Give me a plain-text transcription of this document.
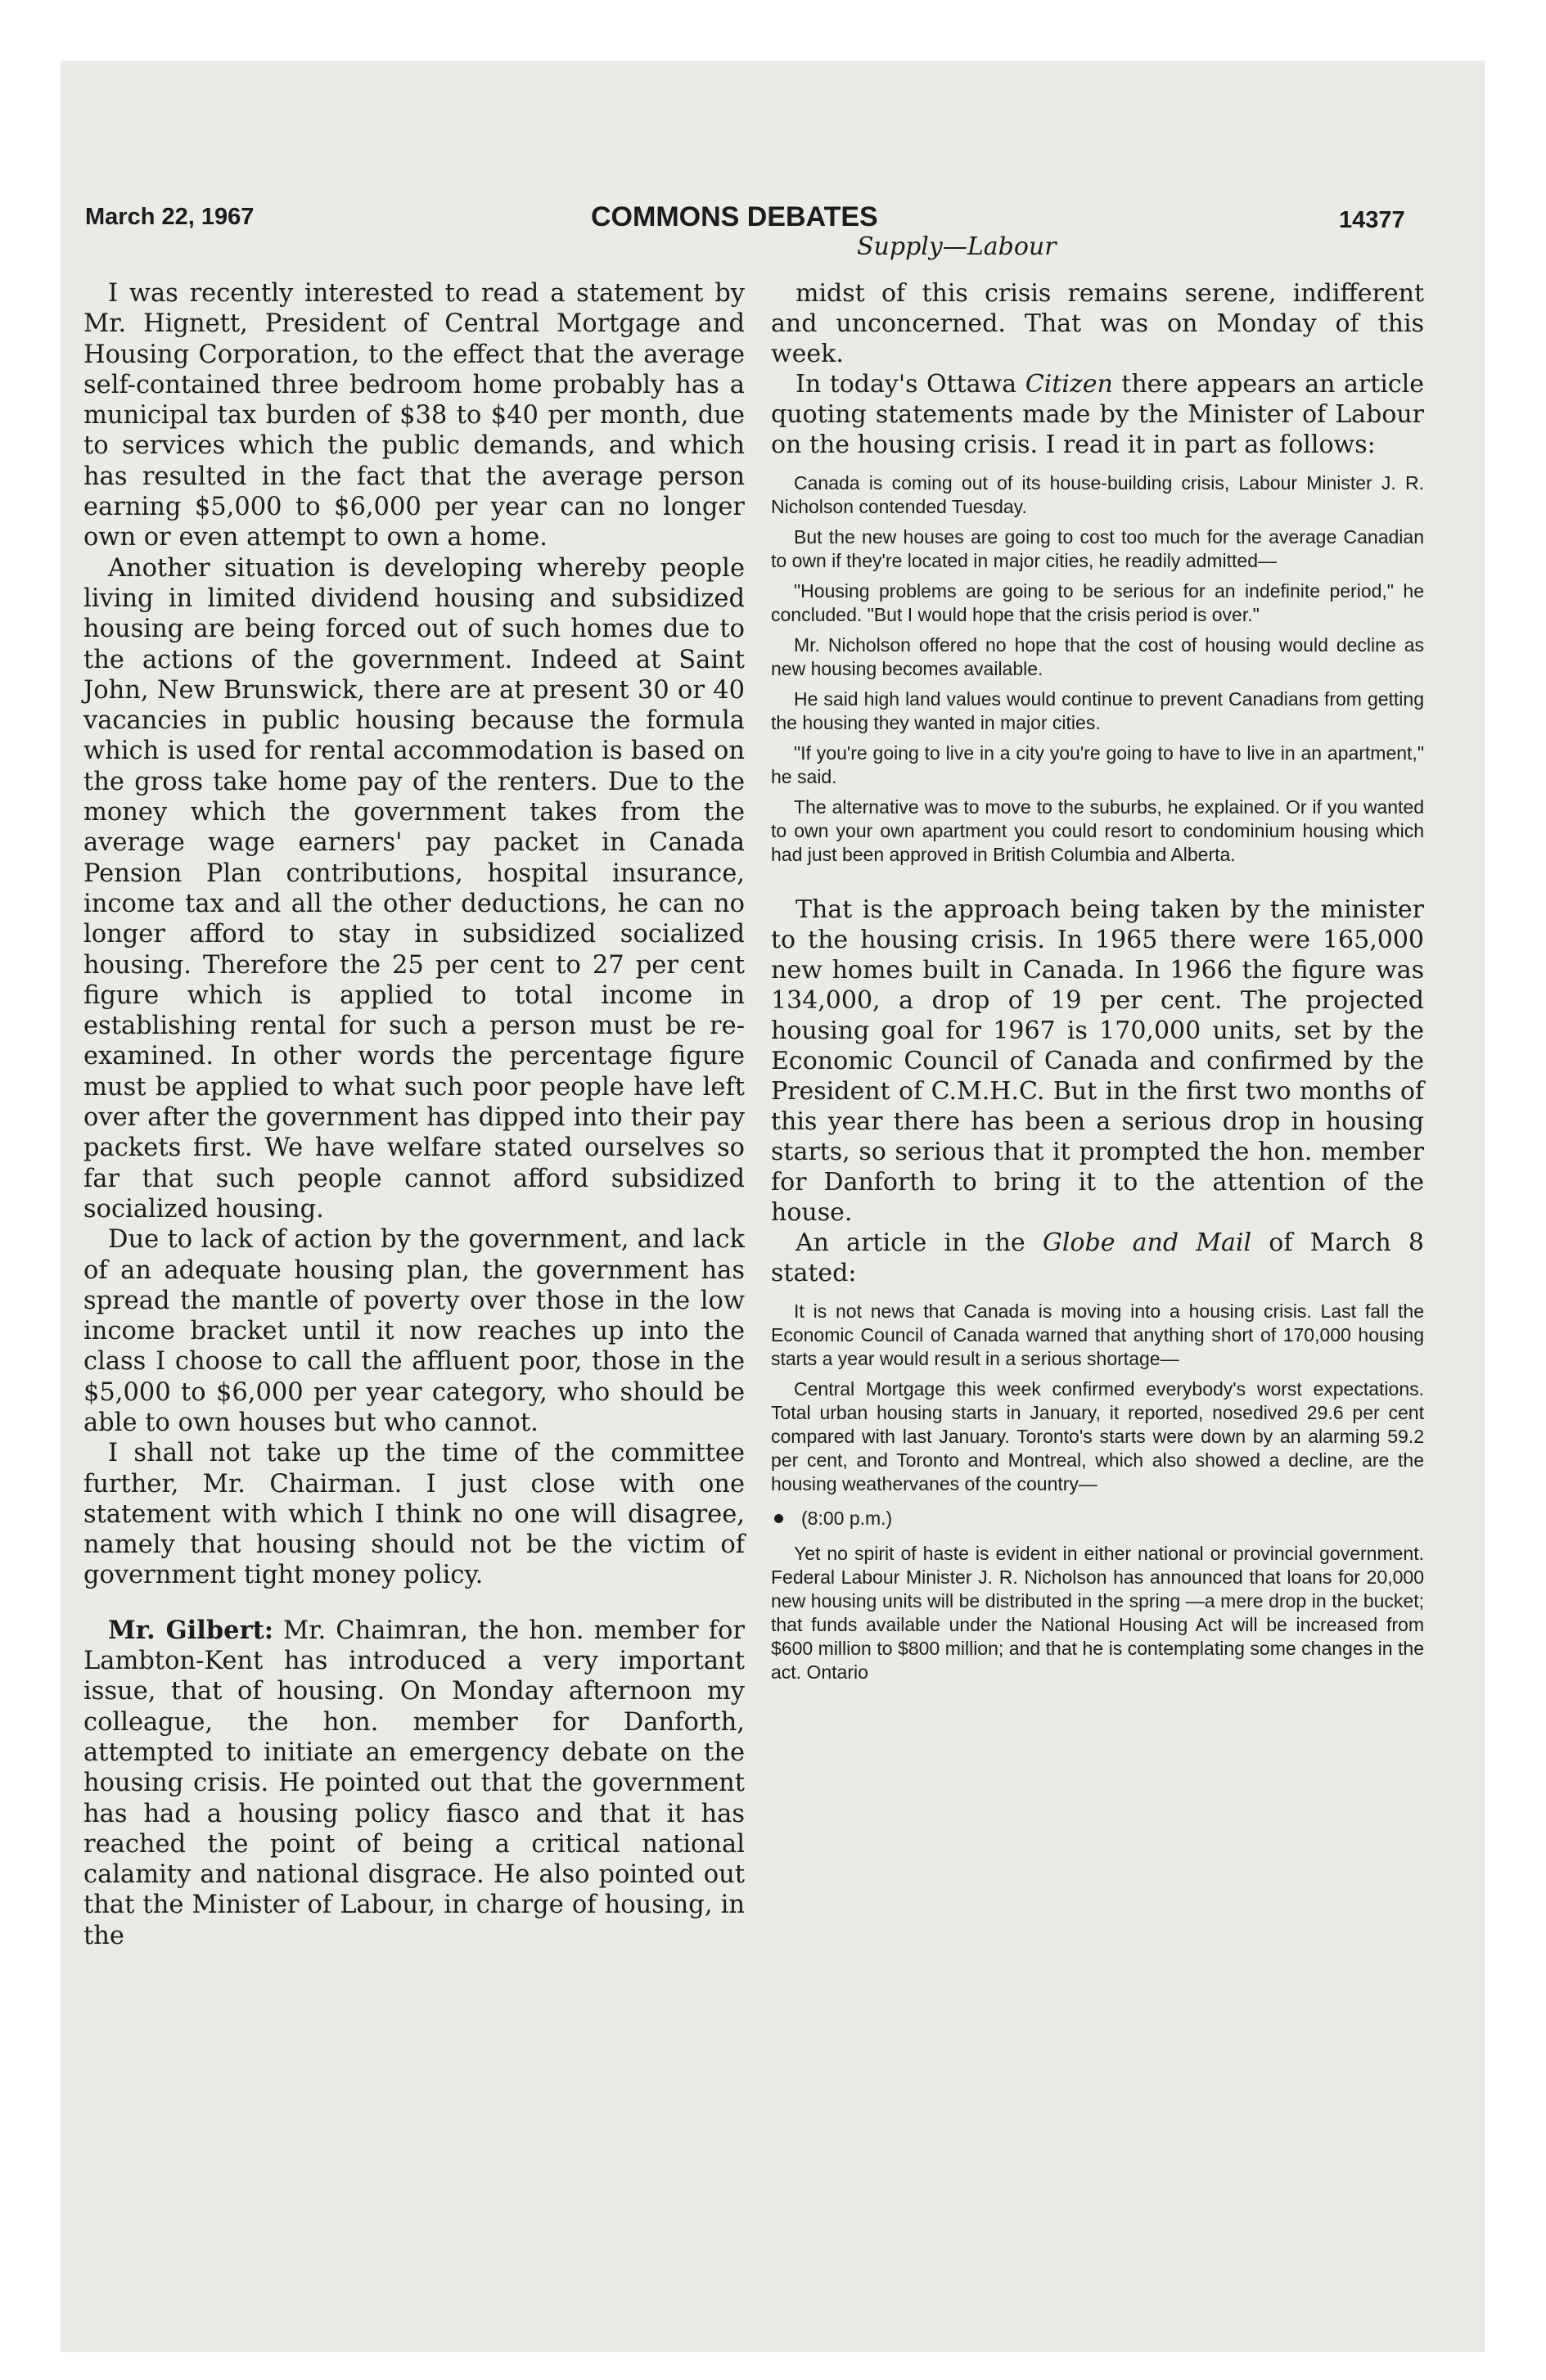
March 22, 1967	COMMONS DEBATES	14377
Supply—Labour

I was recently interested to read a statement by Mr. Hignett, President of Central Mortgage and Housing Corporation, to the effect that the average self-contained three bedroom home probably has a municipal tax burden of $38 to $40 per month, due to services which the public demands, and which has resulted in the fact that the average person earning $5,000 to $6,000 per year can no longer own or even attempt to own a home.

Another situation is developing whereby people living in limited dividend housing and subsidized housing are being forced out of such homes due to the actions of the government. Indeed at Saint John, New Brunswick, there are at present 30 or 40 vacancies in public housing because the formula which is used for rental accommodation is based on the gross take home pay of the renters. Due to the money which the government takes from the average wage earners' pay packet in Canada Pension Plan contributions, hospital insurance, income tax and all the other deductions, he can no longer afford to stay in subsidized socialized housing. Therefore the 25 per cent to 27 per cent figure which is applied to total income in establishing rental for such a person must be re-examined. In other words the percentage figure must be applied to what such poor people have left over after the government has dipped into their pay packets first. We have welfare stated ourselves so far that such people cannot afford subsidized socialized housing.

Due to lack of action by the government, and lack of an adequate housing plan, the government has spread the mantle of poverty over those in the low income bracket until it now reaches up into the class I choose to call the affluent poor, those in the $5,000 to $6,000 per year category, who should be able to own houses but who cannot.

I shall not take up the time of the committee further, Mr. Chairman. I just close with one statement with which I think no one will disagree, namely that housing should not be the victim of government tight money policy.

Mr. Gilbert: Mr. Chaimran, the hon. member for Lambton-Kent has introduced a very important issue, that of housing. On Monday afternoon my colleague, the hon. member for Danforth, attempted to initiate an emergency debate on the housing crisis. He pointed out that the government has had a housing policy fiasco and that it has reached the point of being a critical national calamity and national disgrace. He also pointed out that the Minister of Labour, in charge of housing, in the

midst of this crisis remains serene, indifferent and unconcerned. That was on Monday of this week.

In today's Ottawa Citizen there appears an article quoting statements made by the Minister of Labour on the housing crisis. I read it in part as follows:

Canada is coming out of its house-building crisis, Labour Minister J. R. Nicholson contended Tuesday.

But the new houses are going to cost too much for the average Canadian to own if they're located in major cities, he readily admitted—

"Housing problems are going to be serious for an indefinite period," he concluded. "But I would hope that the crisis period is over."

Mr. Nicholson offered no hope that the cost of housing would decline as new housing becomes available.

He said high land values would continue to prevent Canadians from getting the housing they wanted in major cities.

"If you're going to live in a city you're going to have to live in an apartment," he said.

The alternative was to move to the suburbs, he explained. Or if you wanted to own your own apartment you could resort to condominium housing which had just been approved in British Columbia and Alberta.

That is the approach being taken by the minister to the housing crisis. In 1965 there were 165,000 new homes built in Canada. In 1966 the figure was 134,000, a drop of 19 per cent. The projected housing goal for 1967 is 170,000 units, set by the Economic Council of Canada and confirmed by the President of C.M.H.C. But in the first two months of this year there has been a serious drop in housing starts, so serious that it prompted the hon. member for Danforth to bring it to the attention of the house.

An article in the Globe and Mail of March 8 stated:

It is not news that Canada is moving into a housing crisis. Last fall the Economic Council of Canada warned that anything short of 170,000 housing starts a year would result in a serious shortage—

Central Mortgage this week confirmed everybody's worst expectations. Total urban housing starts in January, it reported, nosedived 29.6 per cent compared with last January. Toronto's starts were down by an alarming 59.2 per cent, and Toronto and Montreal, which also showed a decline, are the housing weathervanes of the country—

(8:00 p.m.)

Yet no spirit of haste is evident in either national or provincial government. Federal Labour Minister J. R. Nicholson has announced that loans for 20,000 new housing units will be distributed in the spring —a mere drop in the bucket; that funds available under the National Housing Act will be increased from $600 million to $800 million; and that he is contemplating some changes in the act. Ontario
